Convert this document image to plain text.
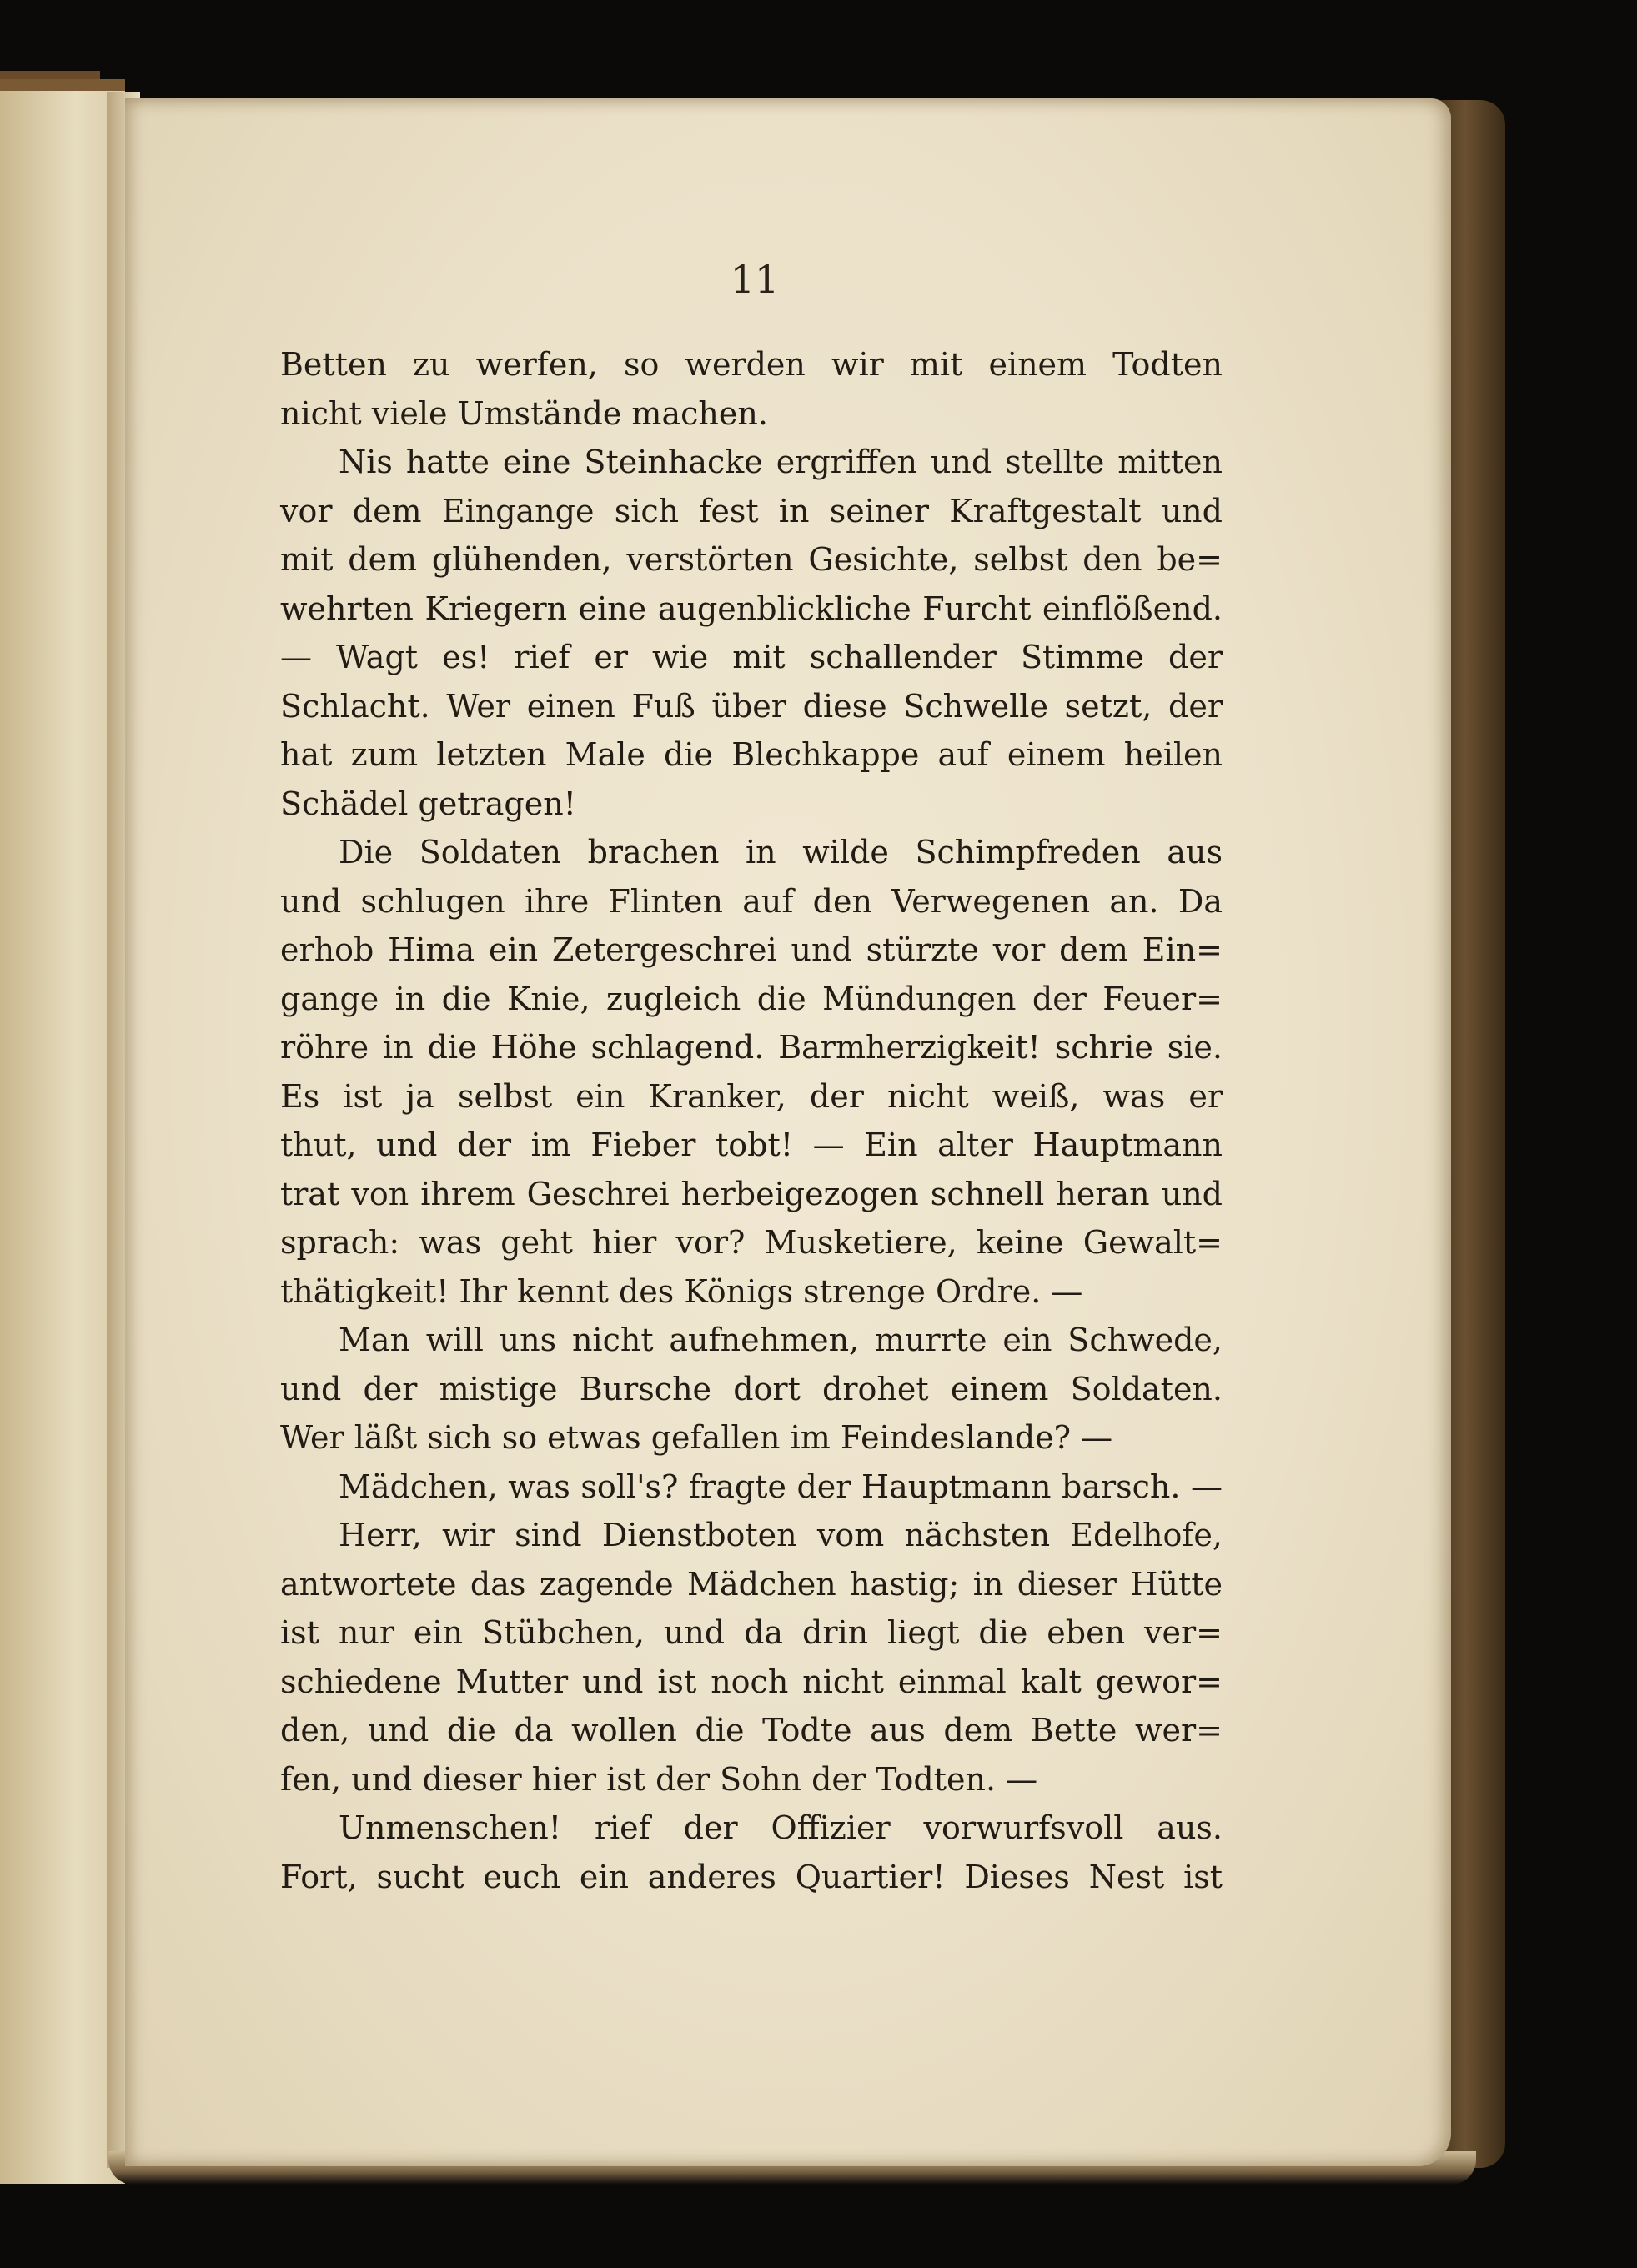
11
Betten zu werfen, so werden wir mit einem Todten
nicht viele Umstände machen.
Nis hatte eine Steinhacke ergriffen und stellte mitten
vor dem Eingange sich fest in seiner Kraftgestalt und
mit dem glühenden, verstörten Gesichte, selbst den be=
wehrten Kriegern eine augenblickliche Furcht einflößend.
— Wagt es! rief er wie mit schallender Stimme der
Schlacht. Wer einen Fuß über diese Schwelle setzt, der
hat zum letzten Male die Blechkappe auf einem heilen
Schädel getragen!
Die Soldaten brachen in wilde Schimpfreden aus
und schlugen ihre Flinten auf den Verwegenen an. Da
erhob Hima ein Zetergeschrei und stürzte vor dem Ein=
gange in die Knie, zugleich die Mündungen der Feuer=
röhre in die Höhe schlagend. Barmherzigkeit! schrie sie.
Es ist ja selbst ein Kranker, der nicht weiß, was er
thut, und der im Fieber tobt! — Ein alter Hauptmann
trat von ihrem Geschrei herbeigezogen schnell heran und
sprach: was geht hier vor? Musketiere, keine Gewalt=
thätigkeit! Ihr kennt des Königs strenge Ordre. —
Man will uns nicht aufnehmen, murrte ein Schwede,
und der mistige Bursche dort drohet einem Soldaten.
Wer läßt sich so etwas gefallen im Feindeslande? —
Mädchen, was soll's? fragte der Hauptmann barsch. —
Herr, wir sind Dienstboten vom nächsten Edelhofe,
antwortete das zagende Mädchen hastig; in dieser Hütte
ist nur ein Stübchen, und da drin liegt die eben ver=
schiedene Mutter und ist noch nicht einmal kalt gewor=
den, und die da wollen die Todte aus dem Bette wer=
fen, und dieser hier ist der Sohn der Todten. —
Unmenschen! rief der Offizier vorwurfsvoll aus.
Fort, sucht euch ein anderes Quartier! Dieses Nest ist
